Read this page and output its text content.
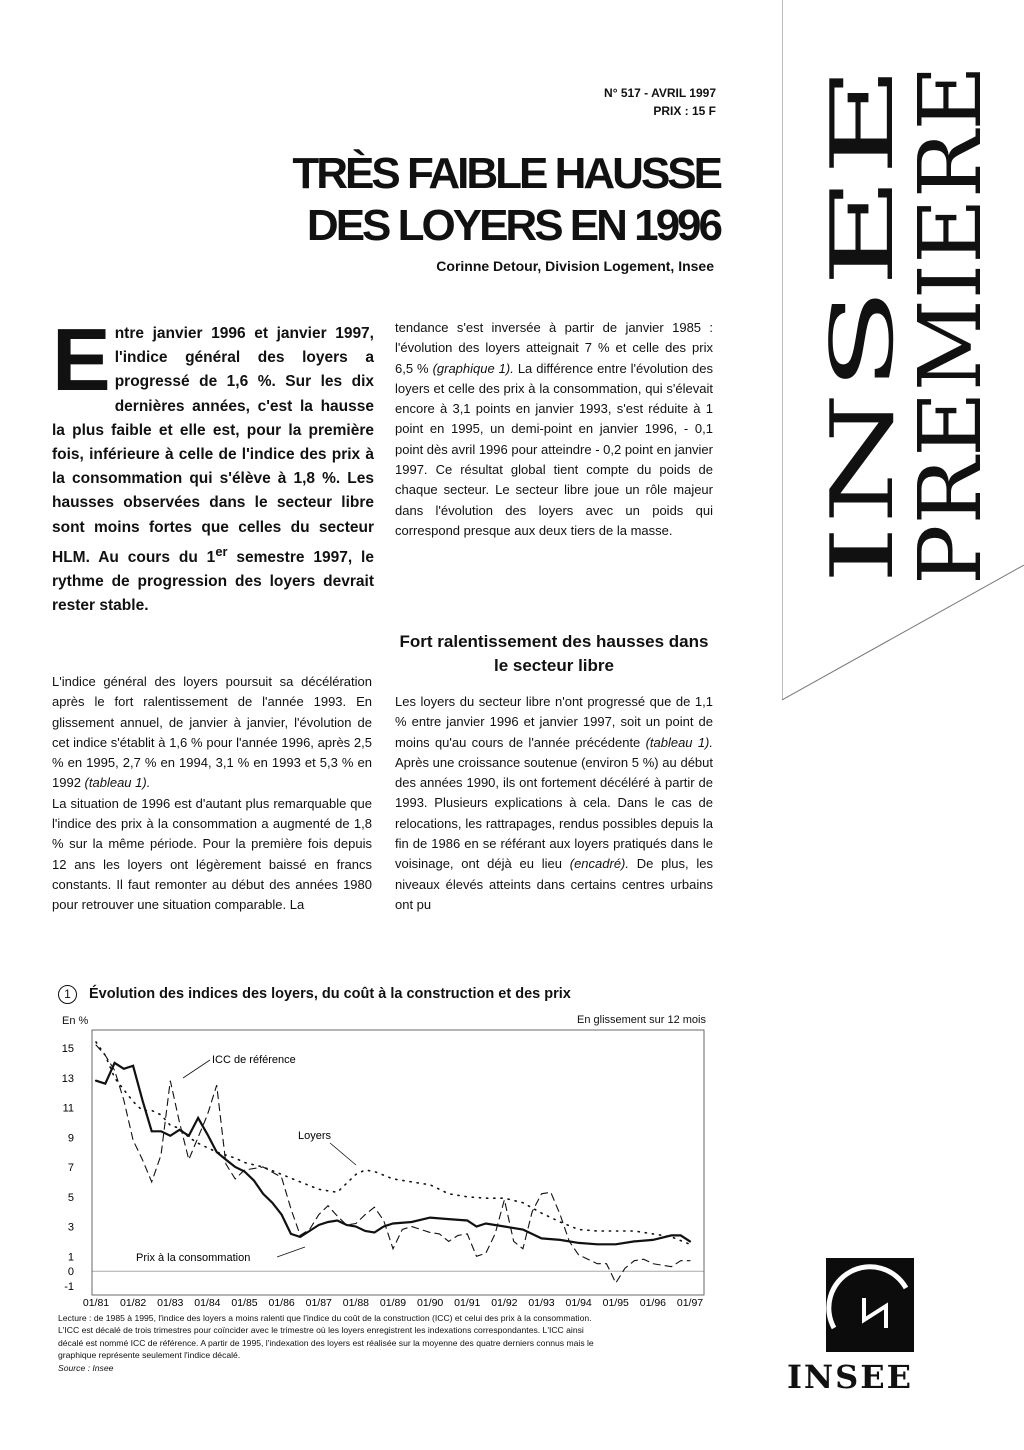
N° 517 - AVRIL 1997
PRIX : 15 F
TRÈS FAIBLE HAUSSE
DES LOYERS EN 1996
Corinne Detour, Division Logement, Insee
INSEE
PREMIERE
Entre janvier 1996 et janvier 1997, l'indice général des loyers a progressé de 1,6 %. Sur les dix dernières années, c'est la hausse la plus faible et elle est, pour la première fois, inférieure à celle de l'indice des prix à la consommation qui s'élève à 1,8 %. Les hausses observées dans le secteur libre sont moins fortes que celles du secteur HLM. Au cours du 1er semestre 1997, le rythme de progression des loyers devrait rester stable.

L'indice général des loyers poursuit sa décélération après le fort ralentissement de l'année 1993. En glissement annuel, de janvier à janvier, l'évolution de cet indice s'établit à 1,6 % pour l'année 1996, après 2,5 % en 1995, 2,7 % en 1994, 3,1 % en 1993 et 5,3 % en 1992 (tableau 1).

La situation de 1996 est d'autant plus remarquable que l'indice des prix à la consommation a augmenté de 1,8 % sur la même période. Pour la première fois depuis 12 ans les loyers ont légèrement baissé en francs constants. Il faut remonter au début des années 1980 pour retrouver une situation comparable. La

tendance s'est inversée à partir de janvier 1985 : l'évolution des loyers atteignait 7 % et celle des prix 6,5 % (graphique 1). La différence entre l'évolution des loyers et celle des prix à la consommation, qui s'élevait encore à 3,1 points en janvier 1993, s'est réduite à 1 point en 1995, un demi-point en janvier 1996, - 0,1 point dès avril 1996 pour atteindre - 0,2 point en janvier 1997. Ce résultat global tient compte du poids de chaque secteur. Le secteur libre joue un rôle majeur dans l'évolution des loyers avec un poids qui correspond presque aux deux tiers de la masse.

Fort ralentissement des hausses dans le secteur libre

Les loyers du secteur libre n'ont progressé que de 1,1 % entre janvier 1996 et janvier 1997, soit un point de moins qu'au cours de l'année précédente (tableau 1). Après une croissance soutenue (environ 5 %) au début des années 1990, ils ont fortement décéléré à partir de 1993. Plusieurs explications à cela. Dans le cas de relocations, les rattrapages, rendus possibles depuis la fin de 1986 en se référant aux loyers pratiqués dans le voisinage, ont déjà eu lieu (encadré). De plus, les niveaux élevés atteints dans certains centres urbains ont pu

1 Évolution des indices des loyers, du coût à la construction et des prix
En %	En glissement sur 12 mois
15
13
11
9
7
5
3
1
0
-1
01/81 01/82 01/83 01/84 01/85 01/86 01/87 01/88 01/89 01/90 01/91 01/92 01/93 01/94 01/95 01/96 01/97
ICC de référence
Loyers
Prix à la consommation
Lecture : de 1985 à 1995, l'indice des loyers a moins ralenti que l'indice du coût de la construction (ICC) et celui des prix à la consommation.
L'ICC est décalé de trois trimestres pour coïncider avec le trimestre où les loyers enregistrent les indexations correspondantes. L'ICC ainsi
décalé est nommé ICC de référence. A partir de 1995, l'indexation des loyers est réalisée sur la moyenne des quatre derniers connus mais le
graphique représente seulement l'indice décalé.
Source : Insee	INSEE
